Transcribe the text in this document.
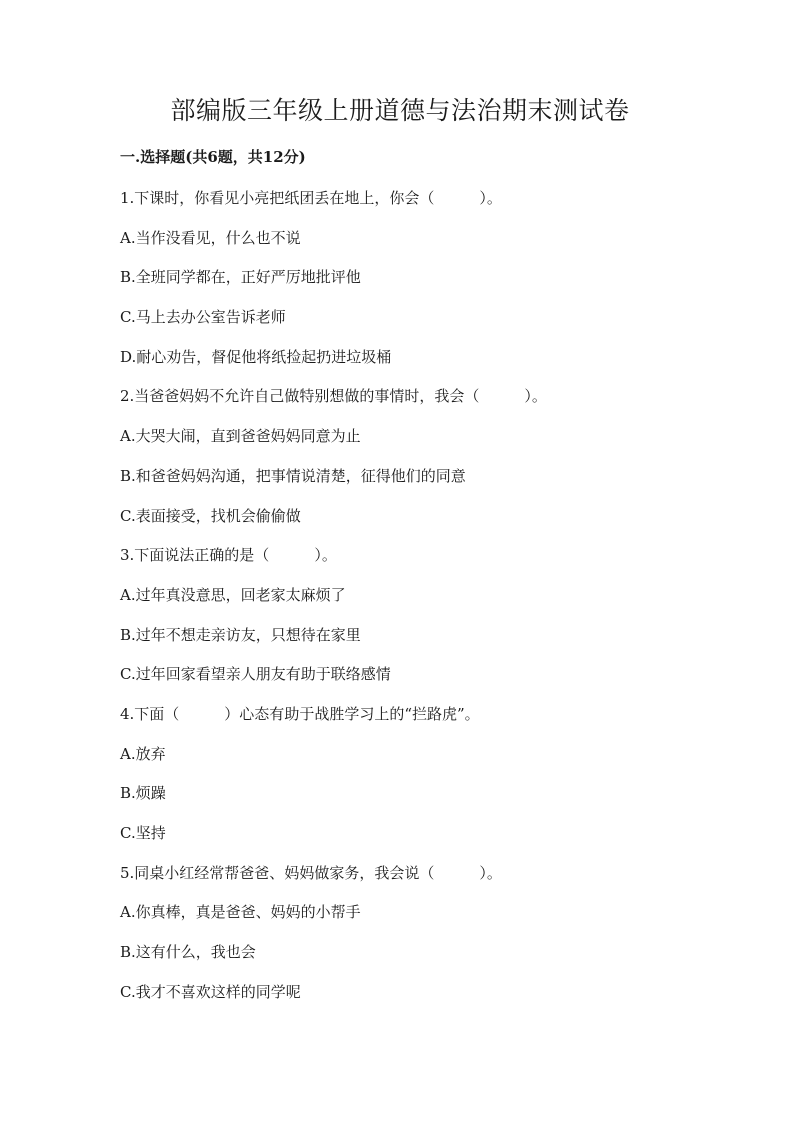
部编版三年级上册道德与法治期末测试卷
一.选择题(共6题，共12分)
1.下课时，你看见小亮把纸团丢在地上，你会（　　　）。
A.当作没看见，什么也不说
B.全班同学都在，正好严厉地批评他
C.马上去办公室告诉老师
D.耐心劝告，督促他将纸捡起扔进垃圾桶
2.当爸爸妈妈不允许自己做特别想做的事情时，我会（　　　）。
A.大哭大闹，直到爸爸妈妈同意为止
B.和爸爸妈妈沟通，把事情说清楚，征得他们的同意
C.表面接受，找机会偷偷做
3.下面说法正确的是（　　　）。
A.过年真没意思，回老家太麻烦了
B.过年不想走亲访友，只想待在家里
C.过年回家看望亲人朋友有助于联络感情
4.下面（　　　）心态有助于战胜学习上的“拦路虎”。
A.放弃
B.烦躁
C.坚持
5.同桌小红经常帮爸爸、妈妈做家务，我会说（　　　）。
A.你真棒，真是爸爸、妈妈的小帮手
B.这有什么，我也会
C.我才不喜欢这样的同学呢
